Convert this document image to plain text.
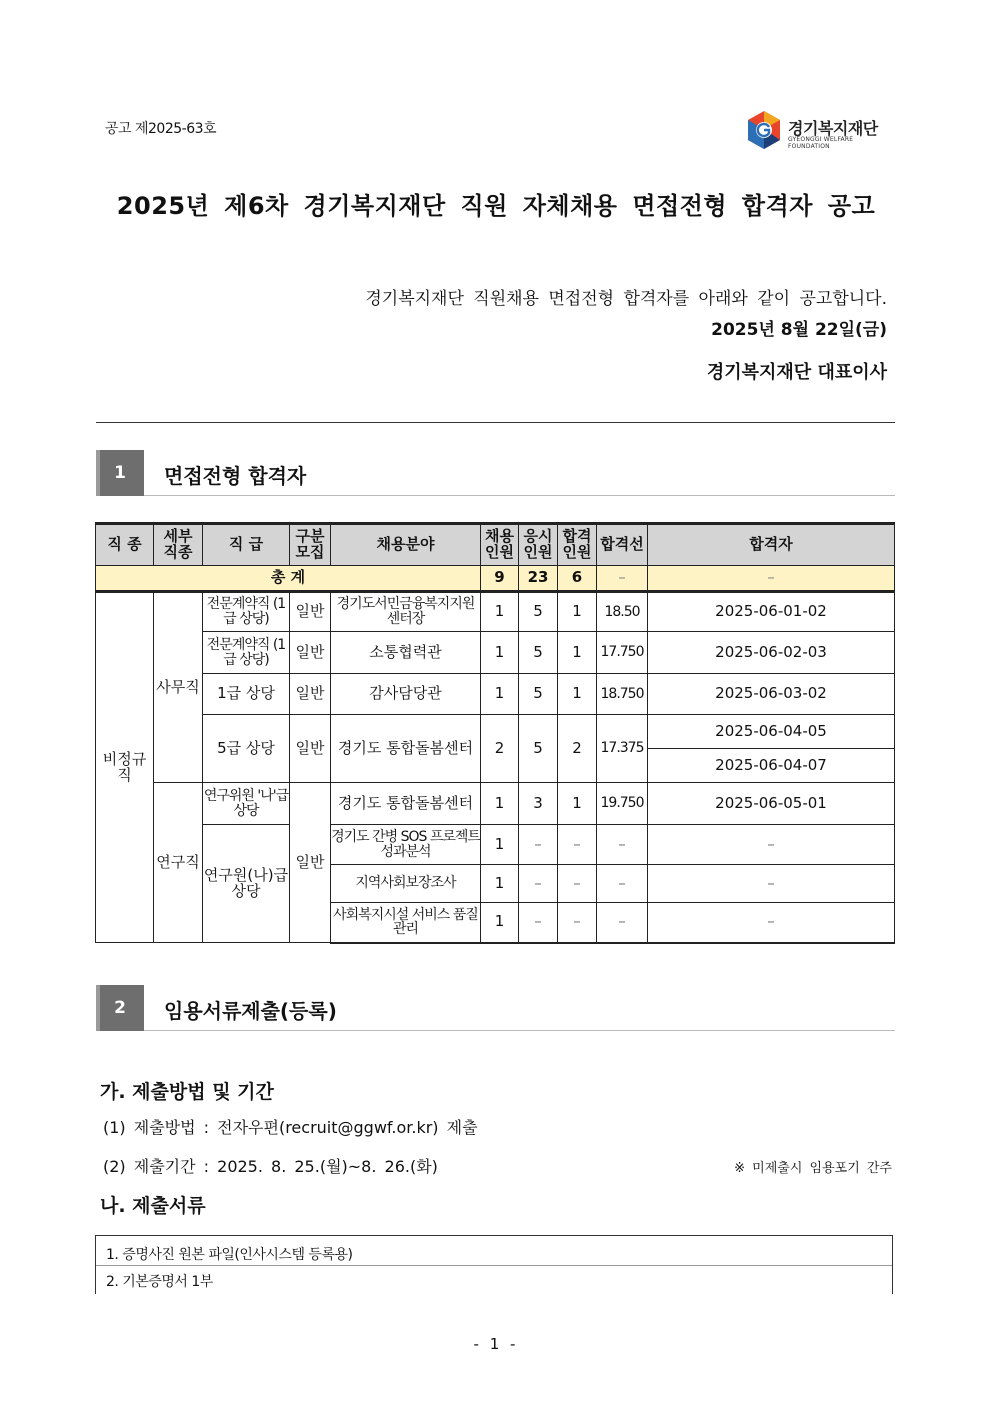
공고 제2025-63호	경기복지재단
GYEONGGI WELFARE FOUNDATION
2025년 제6차 경기복지재단 직원 자체채용 면접전형 합격자 공고
경기복지재단 직원채용 면접전형 합격자를 아래와 같이 공고합니다.
2025년 8월 22일(금)
경기복지재단 대표이사
1	면접전형 합격자
직 종	세부 직종	직 급	구분 모집	채용분야	채용 인원	응시 인원	합격 인원	합격선	합격자
총 계					9	23	6	–	–
비정규직	사무직	전문계약직 (1급 상당)	일반	경기도서민금융복지지원 센터장	1	5	1	18.50	2025-06-01-02
		전문계약직 (1급 상당)	일반	소통협력관	1	5	1	17.750	2025-06-02-03
		1급 상당	일반	감사담당관	1	5	1	18.750	2025-06-03-02
		5급 상당	일반	경기도 통합돌봄센터	2	5	2	17.375	2025-06-04-05
									2025-06-04-07
	연구직	연구위원 '나'급 상당	일반	경기도 통합돌봄센터	1	3	1	19.750	2025-06-05-01
		연구원(나)급 상당		경기도 간병 SOS 프로젝트 성과분석	1	–	–	–	–
				지역사회보장조사	1	–	–	–	–
				사회복지시설 서비스 품질관리	1	–	–	–	–
2	임용서류제출(등록)
가. 제출방법 및 기간
(1) 제출방법 : 전자우편(recruit@ggwf.or.kr) 제출
(2) 제출기간 : 2025. 8. 25.(월)~8. 26.(화)	※ 미제출시 임용포기 간주
나. 제출서류
1. 증명사진 원본 파일(인사시스템 등록용)
2. 기본증명서 1부
- 1 -
